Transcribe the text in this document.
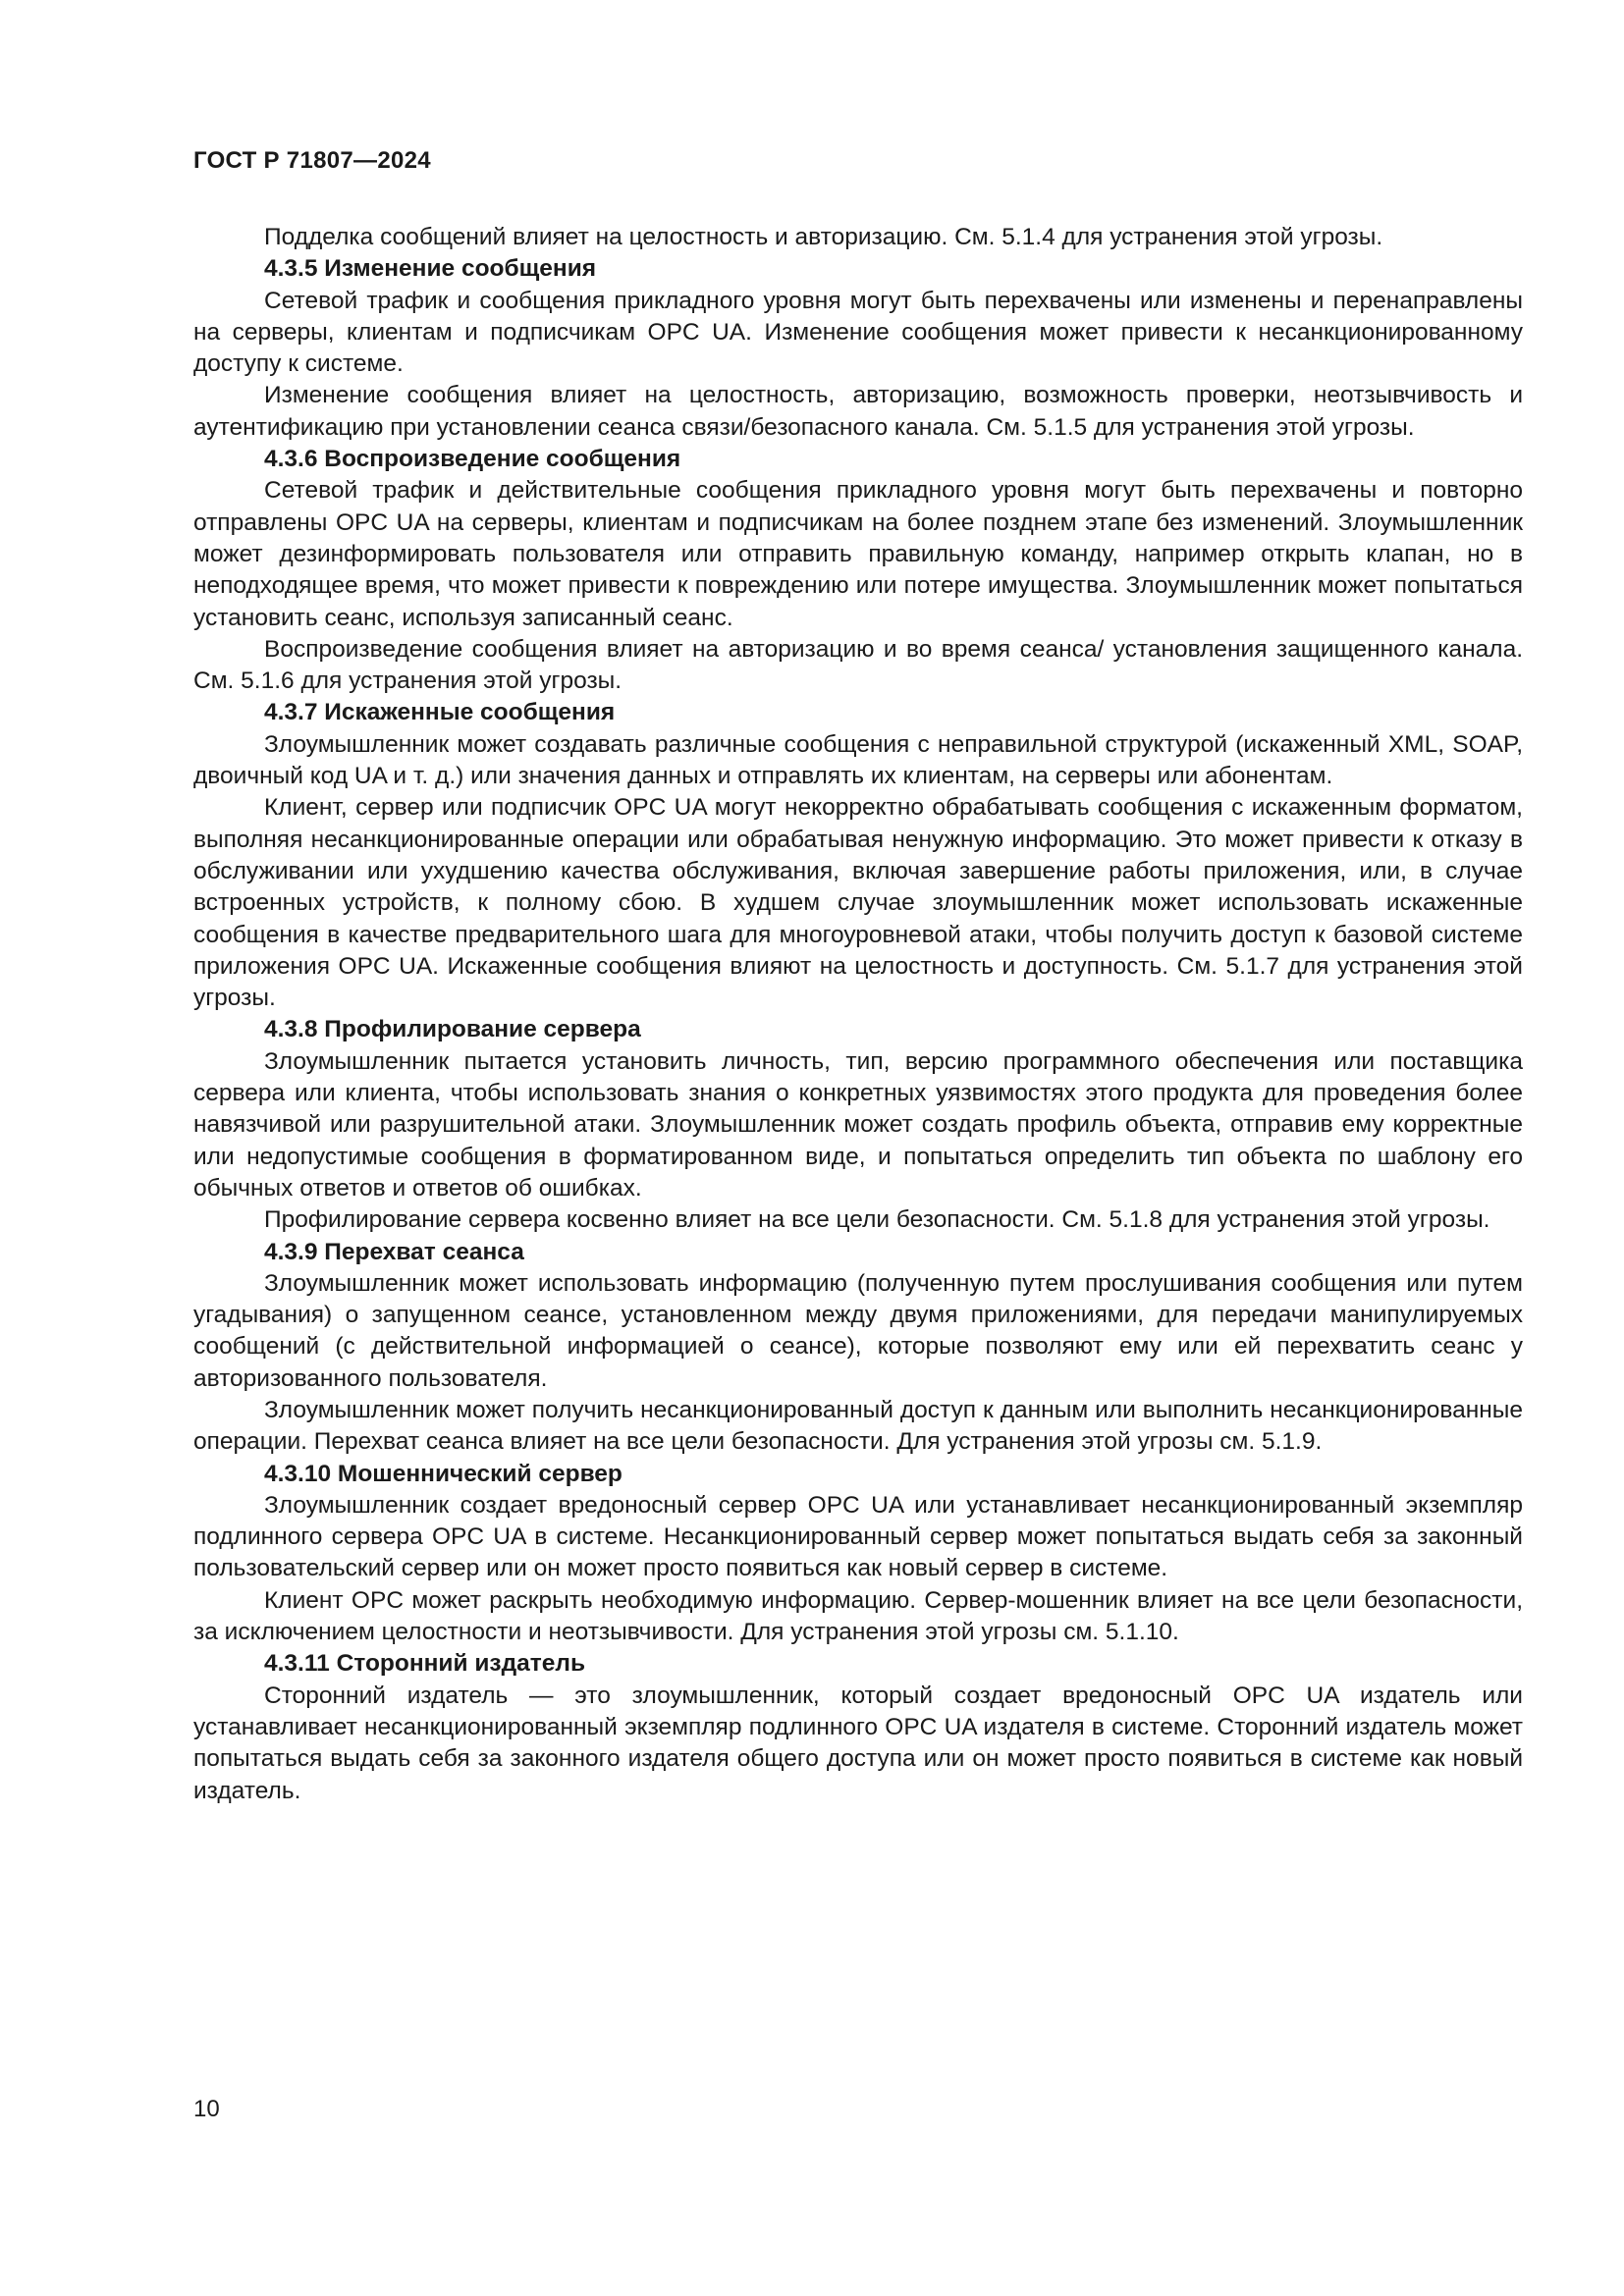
ГОСТ Р 71807—2024

Подделка сообщений влияет на целостность и авторизацию. См. 5.1.4 для устранения этой угрозы.

4.3.5 Изменение сообщения

Сетевой трафик и сообщения прикладного уровня могут быть перехвачены или изменены и перенаправлены на серверы, клиентам и подписчикам OPC UA. Изменение сообщения может привести к несанкционированному доступу к системе.

Изменение сообщения влияет на целостность, авторизацию, возможность проверки, неотзывчивость и аутентификацию при установлении сеанса связи/безопасного канала. См. 5.1.5 для устранения этой угрозы.

4.3.6 Воспроизведение сообщения

Сетевой трафик и действительные сообщения прикладного уровня могут быть перехвачены и повторно отправлены OPC UA на серверы, клиентам и подписчикам на более позднем этапе без изменений. Злоумышленник может дезинформировать пользователя или отправить правильную команду, например открыть клапан, но в неподходящее время, что может привести к повреждению или потере имущества. Злоумышленник может попытаться установить сеанс, используя записанный сеанс.

Воспроизведение сообщения влияет на авторизацию и во время сеанса/ установления защищенного канала. См. 5.1.6 для устранения этой угрозы.

4.3.7 Искаженные сообщения

Злоумышленник может создавать различные сообщения с неправильной структурой (искаженный XML, SOAP, двоичный код UA и т. д.) или значения данных и отправлять их клиентам, на серверы или абонентам.

Клиент, сервер или подписчик OPC UA могут некорректно обрабатывать сообщения с искаженным форматом, выполняя несанкционированные операции или обрабатывая ненужную информацию. Это может привести к отказу в обслуживании или ухудшению качества обслуживания, включая завершение работы приложения, или, в случае встроенных устройств, к полному сбою. В худшем случае злоумышленник может использовать искаженные сообщения в качестве предварительного шага для многоуровневой атаки, чтобы получить доступ к базовой системе приложения OPC UA. Искаженные сообщения влияют на целостность и доступность. См. 5.1.7 для устранения этой угрозы.

4.3.8 Профилирование сервера

Злоумышленник пытается установить личность, тип, версию программного обеспечения или поставщика сервера или клиента, чтобы использовать знания о конкретных уязвимостях этого продукта для проведения более навязчивой или разрушительной атаки. Злоумышленник может создать профиль объекта, отправив ему корректные или недопустимые сообщения в форматированном виде, и попытаться определить тип объекта по шаблону его обычных ответов и ответов об ошибках.

Профилирование сервера косвенно влияет на все цели безопасности. См. 5.1.8 для устранения этой угрозы.

4.3.9 Перехват сеанса

Злоумышленник может использовать информацию (полученную путем прослушивания сообщения или путем угадывания) о запущенном сеансе, установленном между двумя приложениями, для передачи манипулируемых сообщений (с действительной информацией о сеансе), которые позволяют ему или ей перехватить сеанс у авторизованного пользователя.

Злоумышленник может получить несанкционированный доступ к данным или выполнить несанкционированные операции. Перехват сеанса влияет на все цели безопасности. Для устранения этой угрозы см. 5.1.9.

4.3.10 Мошеннический сервер

Злоумышленник создает вредоносный сервер OPC UA или устанавливает несанкционированный экземпляр подлинного сервера OPC UA в системе. Несанкционированный сервер может попытаться выдать себя за законный пользовательский сервер или он может просто появиться как новый сервер в системе.

Клиент OPC может раскрыть необходимую информацию. Сервер-мошенник влияет на все цели безопасности, за исключением целостности и неотзывчивости. Для устранения этой угрозы см. 5.1.10.

4.3.11 Сторонний издатель

Сторонний издатель — это злоумышленник, который создает вредоносный OPC UA издатель или устанавливает несанкционированный экземпляр подлинного OPC UA издателя в системе. Сторонний издатель может попытаться выдать себя за законного издателя общего доступа или он может просто появиться в системе как новый издатель.

10
